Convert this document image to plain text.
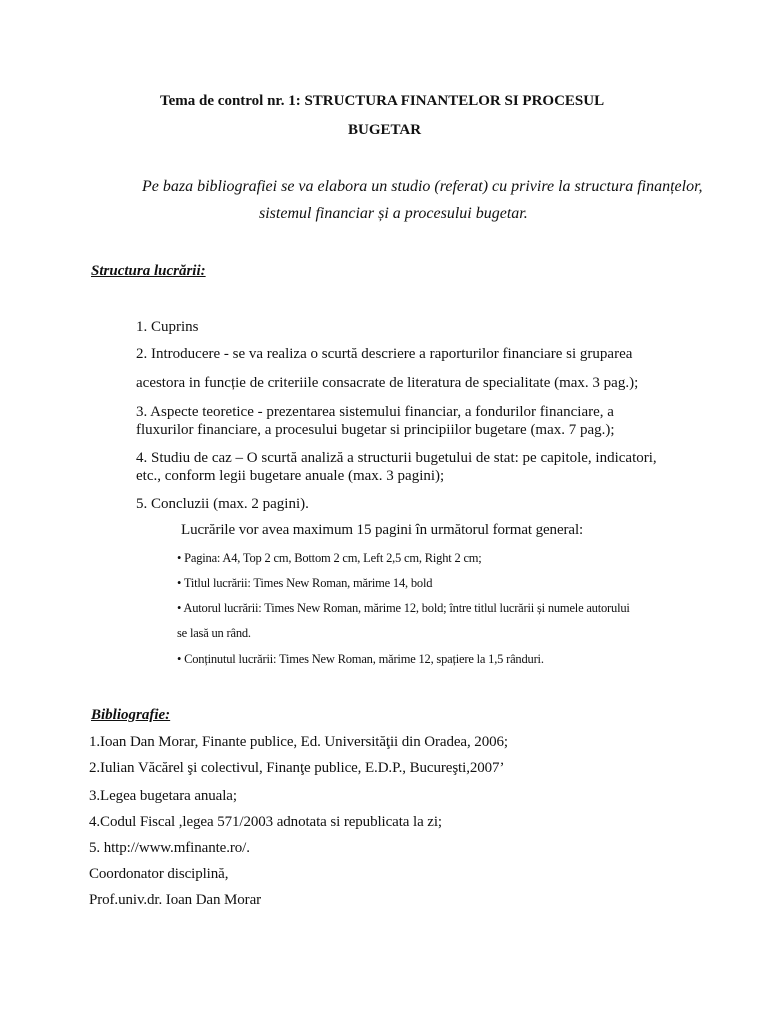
Tema de control nr. 1: STRUCTURA FINANTELOR SI PROCESUL
BUGETAR
Pe baza bibliografiei se va elabora un studio (referat) cu privire la structura finanțelor,
sistemul financiar și a procesului bugetar.
Structura lucrării:
1. Cuprins
2. Introducere - se va realiza o scurtă descriere a raporturilor financiare si gruparea
acestora in funcție de criteriile consacrate de literatura de specialitate (max. 3 pag.);
3. Aspecte teoretice - prezentarea sistemului financiar, a fondurilor financiare, a
fluxurilor financiare, a procesului bugetar si principiilor bugetare (max. 7 pag.);
4. Studiu de caz – O scurtă analiză a structurii bugetului de stat: pe capitole, indicatori,
etc., conform legii bugetare anuale (max. 3 pagini);
5. Concluzii (max. 2 pagini).
Lucrările vor avea maximum 15 pagini în următorul format general:
• Pagina: A4, Top 2 cm, Bottom 2 cm, Left 2,5 cm, Right 2 cm;
• Titlul lucrării: Times New Roman, mărime 14, bold
• Autorul lucrării: Times New Roman, mărime 12, bold; între titlul lucrării și numele autorului
se lasă un rând.
• Conținutul lucrării: Times New Roman, mărime 12, spațiere la 1,5 rânduri.
Bibliografie:
1.Ioan Dan Morar, Finante publice, Ed. Universităţii din Oradea, 2006;
2.Iulian Văcărel şi colectivul, Finanţe publice, E.D.P., Bucureşti,2007’
3.Legea bugetara anuala;
4.Codul Fiscal ,legea 571/2003 adnotata si republicata la zi;
5. http://www.mfinante.ro/.
Coordonator disciplină,
Prof.univ.dr. Ioan Dan Morar
